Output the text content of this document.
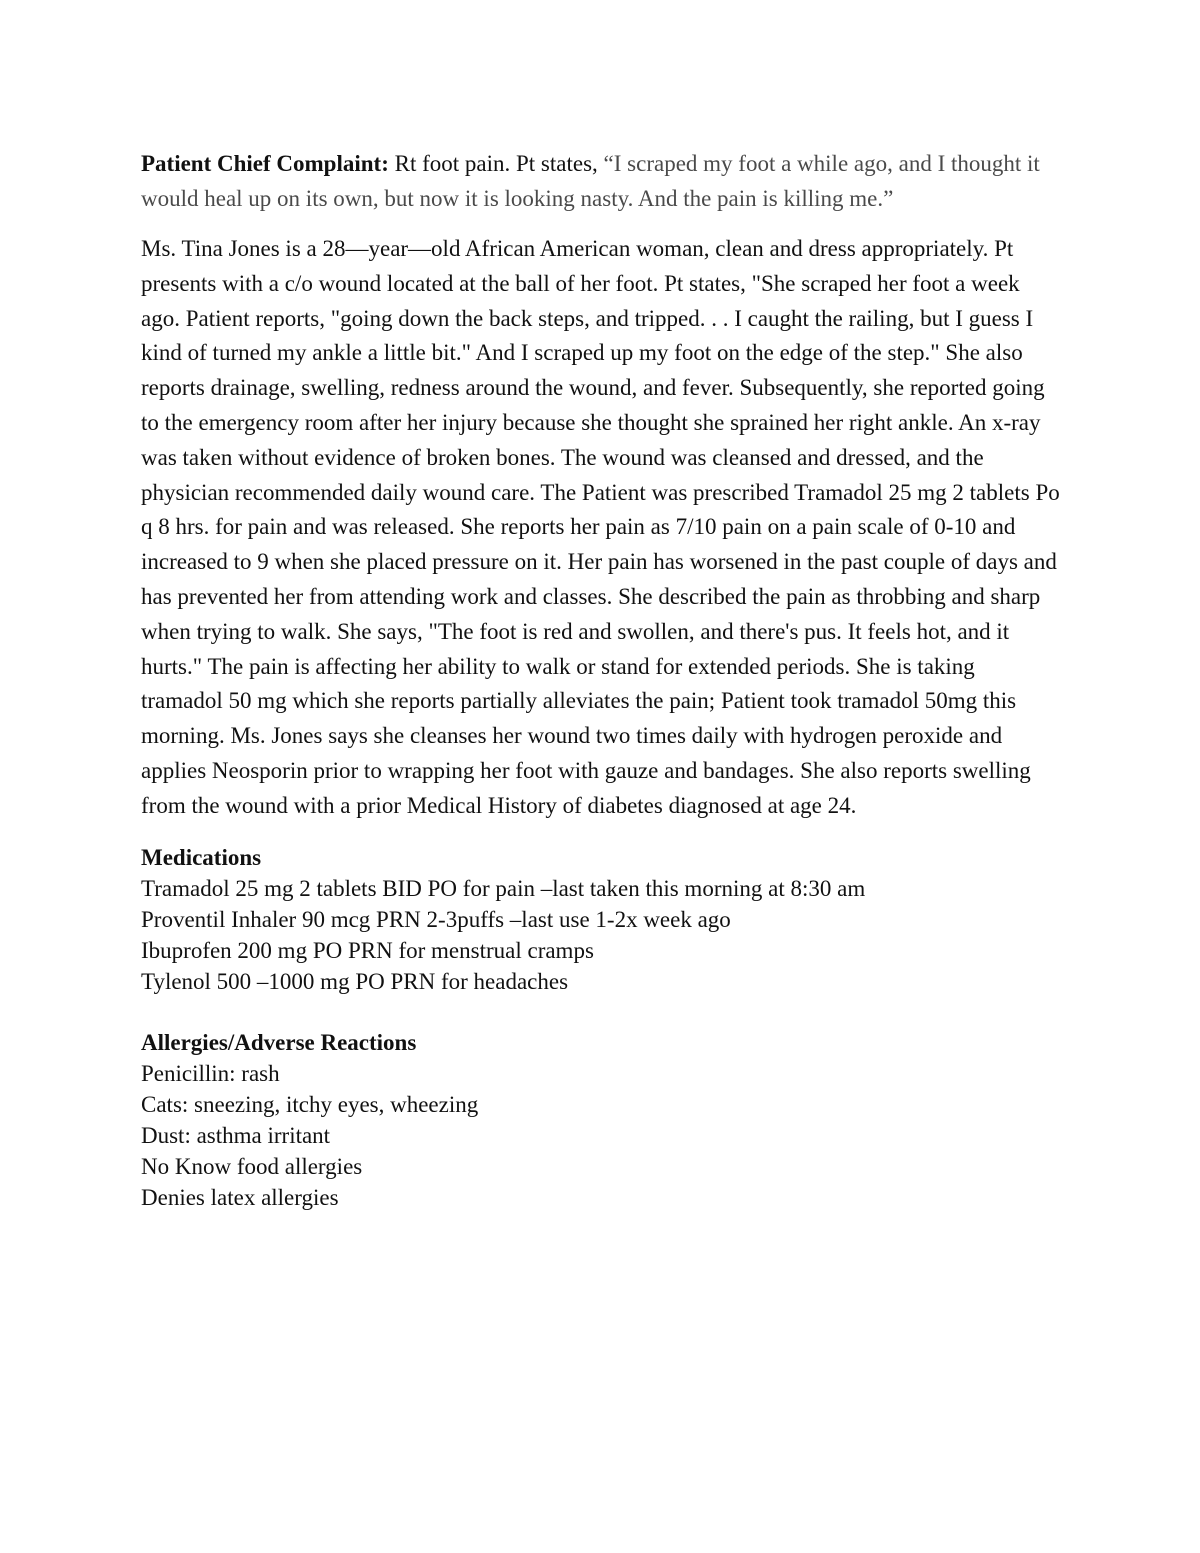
Patient Chief Complaint: Rt foot pain. Pt states, “I scraped my foot a while ago, and I thought it would heal up on its own, but now it is looking nasty. And the pain is killing me.”

Ms. Tina Jones is a 28—year—old African American woman, clean and dress appropriately. Pt presents with a c/o wound located at the ball of her foot. Pt states, "She scraped her foot a week ago. Patient reports, "going down the back steps, and tripped. . . I caught the railing, but I guess I kind of turned my ankle a little bit." And I scraped up my foot on the edge of the step." She also reports drainage, swelling, redness around the wound, and fever. Subsequently, she reported going to the emergency room after her injury because she thought she sprained her right ankle. An x-ray was taken without evidence of broken bones. The wound was cleansed and dressed, and the physician recommended daily wound care. The Patient was prescribed Tramadol 25 mg 2 tablets Po q 8 hrs. for pain and was released. She reports her pain as 7/10 pain on a pain scale of 0-10 and increased to 9 when she placed pressure on it. Her pain has worsened in the past couple of days and has prevented her from attending work and classes. She described the pain as throbbing and sharp when trying to walk. She says, "The foot is red and swollen, and there's pus. It feels hot, and it hurts." The pain is affecting her ability to walk or stand for extended periods. She is taking tramadol 50 mg which she reports partially alleviates the pain; Patient took tramadol 50mg this morning. Ms. Jones says she cleanses her wound two times daily with hydrogen peroxide and applies Neosporin prior to wrapping her foot with gauze and bandages. She also reports swelling from the wound with a prior Medical History of diabetes diagnosed at age 24.

Medications
Tramadol 25 mg 2 tablets BID PO for pain –last taken this morning at 8:30 am
Proventil Inhaler 90 mcg PRN 2-3puffs –last use 1-2x week ago
Ibuprofen 200 mg PO PRN for menstrual cramps
Tylenol 500 –1000 mg PO PRN for headaches
Allergies/Adverse Reactions
Penicillin: rash
Cats: sneezing, itchy eyes, wheezing
Dust: asthma irritant
No Know food allergies
Denies latex allergies
